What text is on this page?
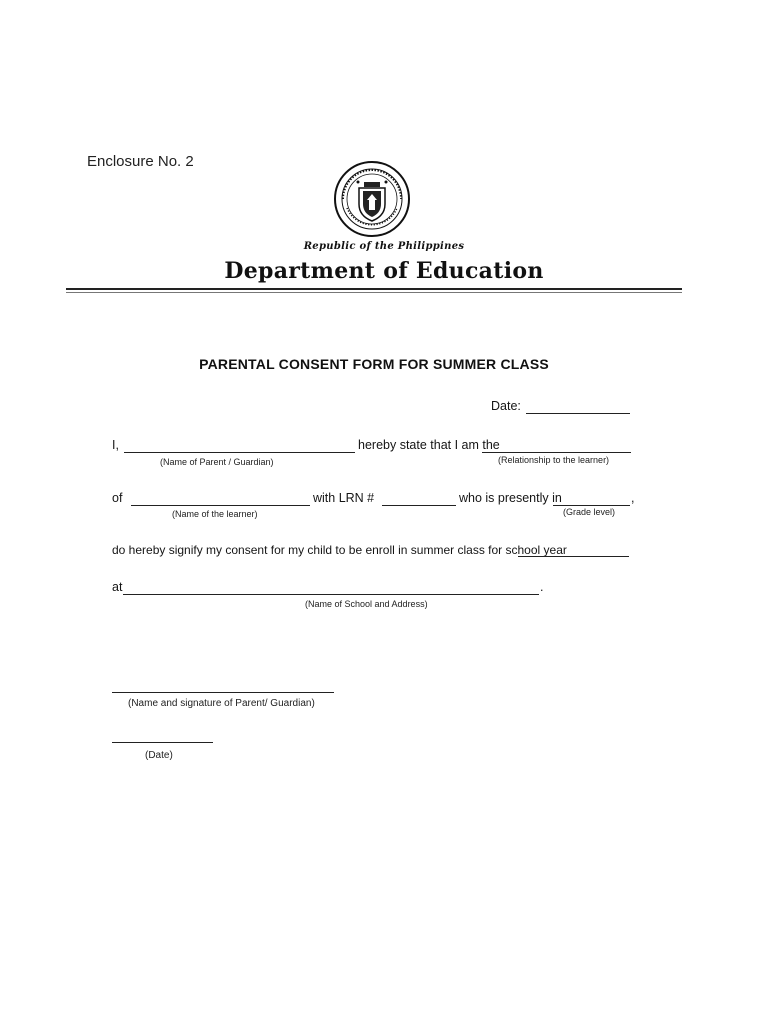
Enclosure No. 2
Republic of the Philippines
Department of Education
PARENTAL CONSENT FORM FOR SUMMER CLASS
Date:
I,	hereby state that I am the
(Name of Parent / Guardian)	(Relationship to the learner)
of	with LRN #	who is presently in	,
(Name of the learner)	(Grade level)
do hereby signify my consent for my child to be enroll in summer class for school year
at	.
(Name of School and Address)
(Name and signature of Parent/ Guardian)
(Date)
